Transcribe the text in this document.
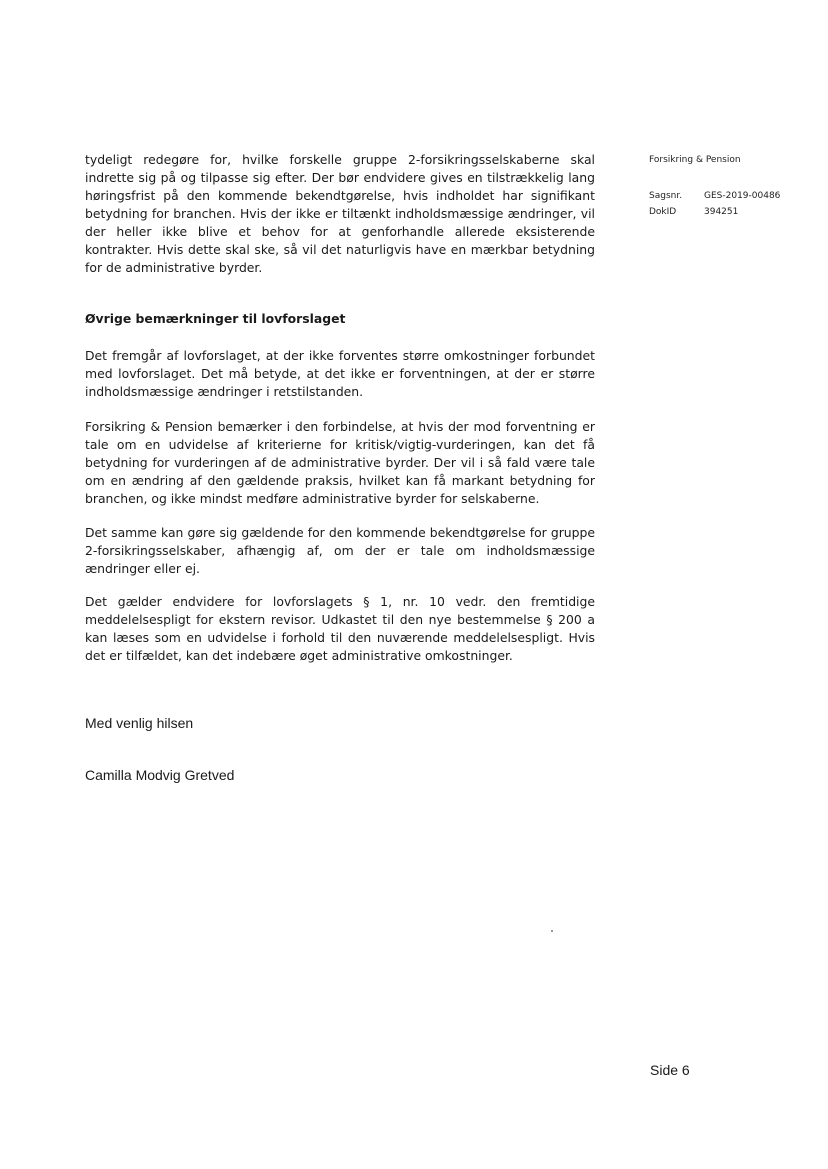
tydeligt redegøre for, hvilke forskelle gruppe 2-forsikringsselskaberne skal indrette sig på og tilpasse sig efter. Der bør endvidere gives en tilstrækkelig lang høringsfrist på den kommende bekendtgørelse, hvis indholdet har signifikant betydning for branchen. Hvis der ikke er tiltænkt indholdsmæssige ændringer, vil der heller ikke blive et behov for at genforhandle allerede eksisterende kontrakter. Hvis dette skal ske, så vil det naturligvis have en mærkbar betydning for de administrative byrder.

Øvrige bemærkninger til lovforslaget
Det fremgår af lovforslaget, at der ikke forventes større omkostninger forbundet med lovforslaget. Det må betyde, at det ikke er forventningen, at der er større indholdsmæssige ændringer i retstilstanden.
Forsikring & Pension bemærker i den forbindelse, at hvis der mod forventning er tale om en udvidelse af kriterierne for kritisk/vigtig-vurderingen, kan det få betydning for vurderingen af de administrative byrder. Der vil i så fald være tale om en ændring af den gældende praksis, hvilket kan få markant betydning for branchen, og ikke mindst medføre administrative byrder for selskaberne.
Det samme kan gøre sig gældende for den kommende bekendtgørelse for gruppe 2-forsikringsselskaber, afhængig af, om der er tale om indholdsmæssige ændringer eller ej.
Det gælder endvidere for lovforslagets § 1, nr. 10 vedr. den fremtidige meddelelsespligt for ekstern revisor. Udkastet til den nye bestemmelse § 200 a kan læses som en udvidelse i forhold til den nuværende meddelelsespligt. Hvis det er tilfældet, kan det indebære øget administrative omkostninger.
Med venlig hilsen
Camilla Modvig Gretved
Forsikring & Pension
Sagsnr.	GES-2019-00486
DokID	394251
Side 6
